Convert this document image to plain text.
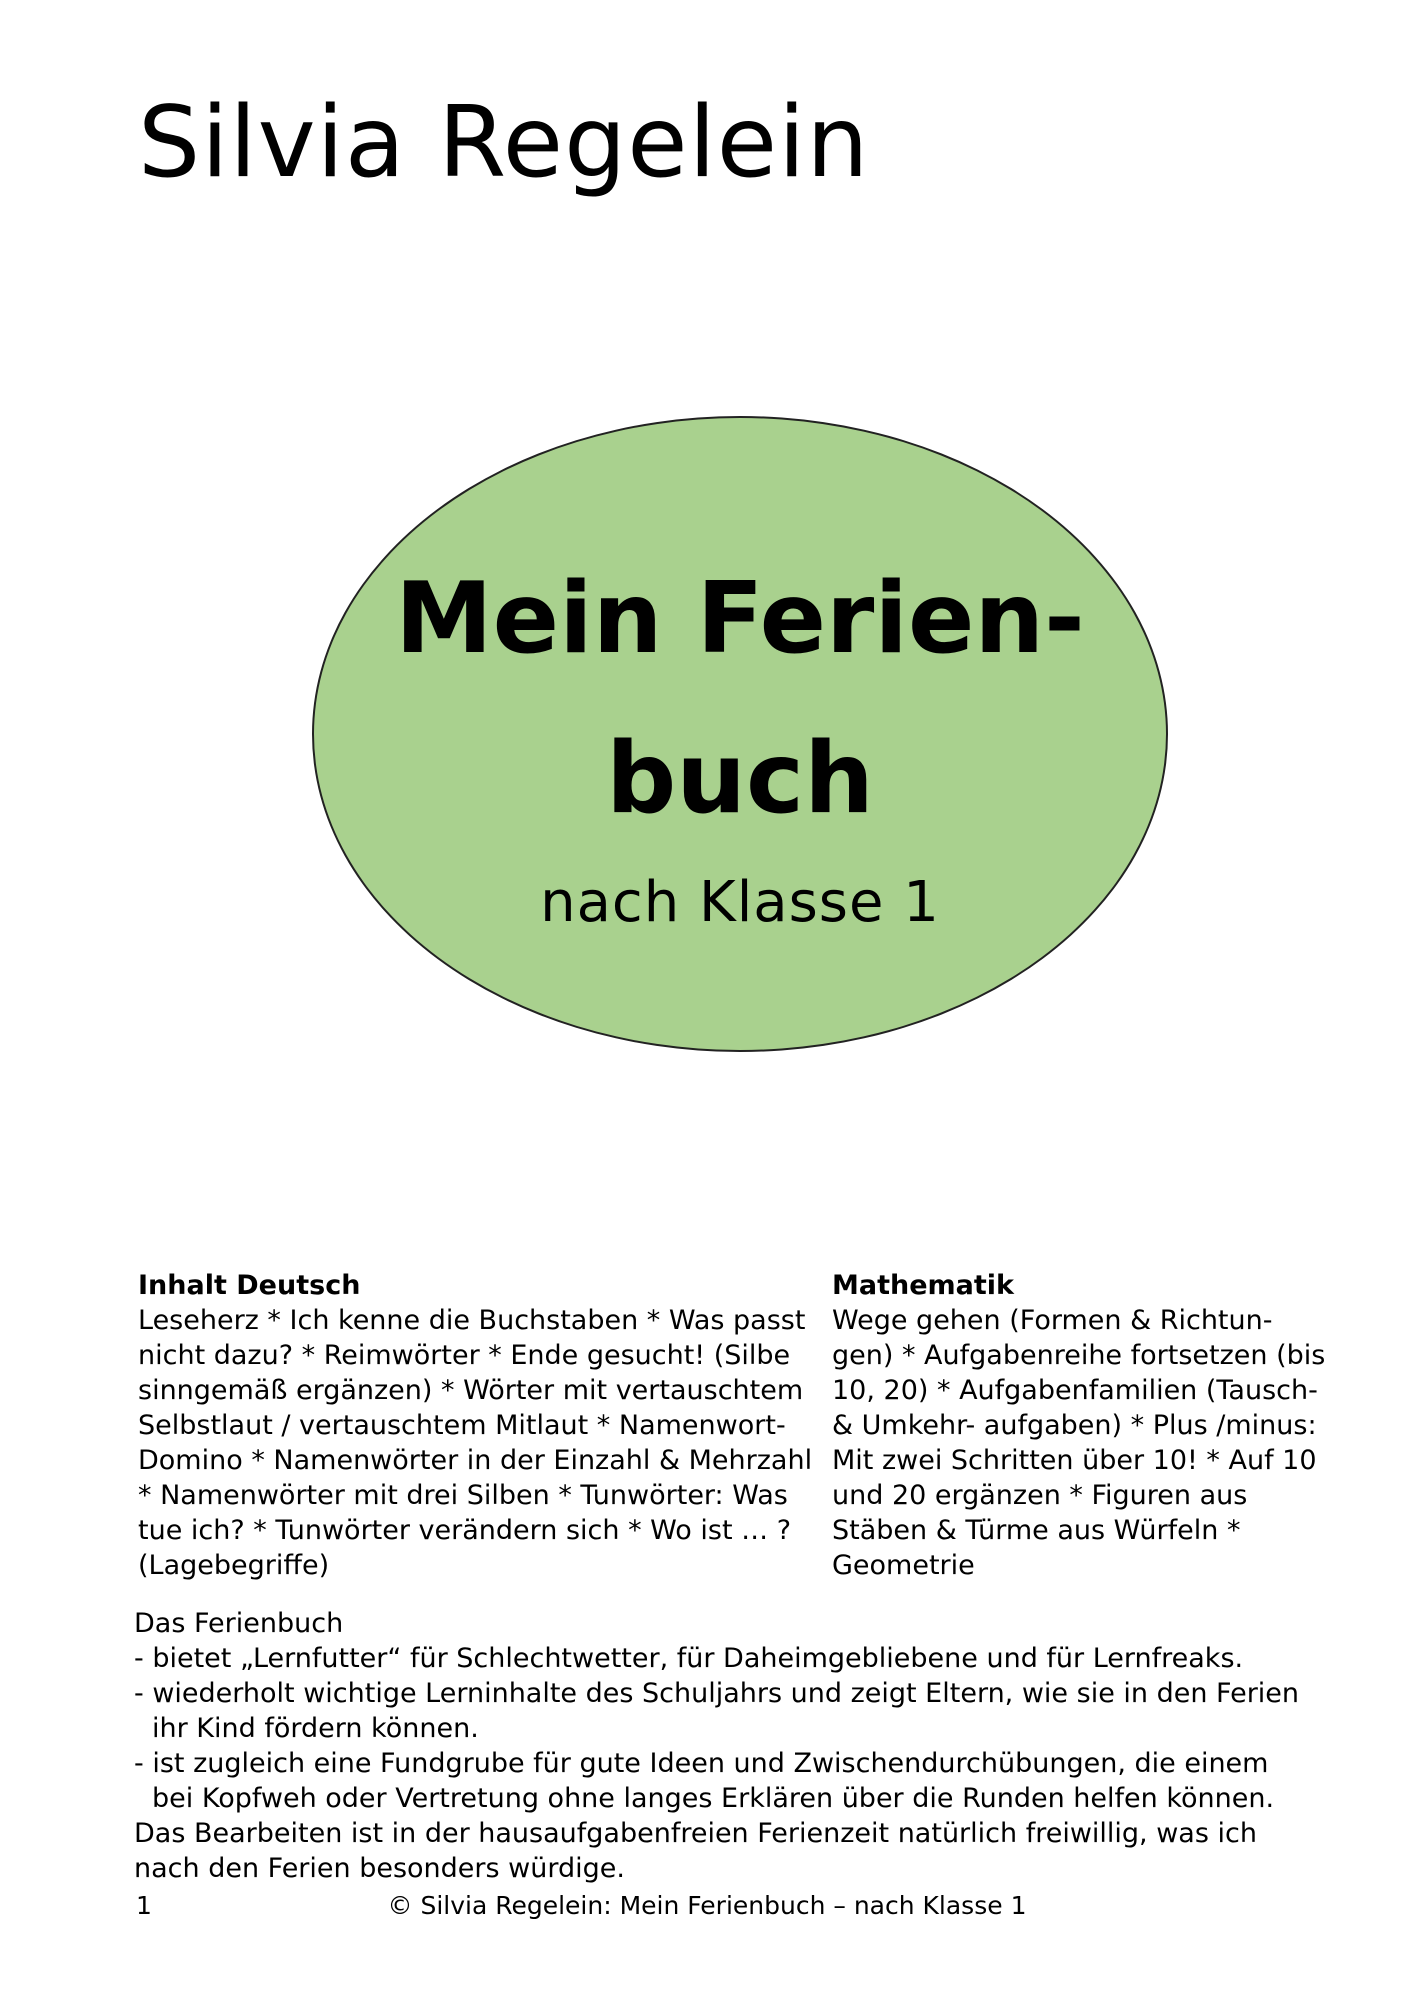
Silvia Regelein
Mein Ferien-
buch
nach Klasse 1
Inhalt Deutsch

Leseherz * Ich kenne die Buchstaben * Was passt

nicht dazu? * Reimwörter * Ende gesucht! (Silbe

sinngemäß ergänzen) * Wörter mit vertauschtem

Selbstlaut / vertauschtem Mitlaut * Namenwort-

Domino * Namenwörter in der Einzahl & Mehrzahl

* Namenwörter mit drei Silben * Tunwörter: Was

tue ich? * Tunwörter verändern sich * Wo ist … ?

(Lagebegriffe)

Mathematik

Wege gehen (Formen & Richtun-

gen) * Aufgabenreihe fortsetzen (bis

10, 20) * Aufgabenfamilien (Tausch-

& Umkehr- aufgaben) * Plus /minus:

Mit zwei Schritten über 10! * Auf 10

und 20 ergänzen * Figuren aus

Stäben & Türme aus Würfeln *

Geometrie

Das Ferienbuch

- bietet „Lernfutter“ für Schlechtwetter, für Daheimgebliebene und für Lernfreaks.

- wiederholt wichtige Lerninhalte des Schuljahrs und zeigt Eltern, wie sie in den Ferien

ihr Kind fördern können.

- ist zugleich eine Fundgrube für gute Ideen und Zwischendurchübungen, die einem

bei Kopfweh oder Vertretung ohne langes Erklären über die Runden helfen können.

Das Bearbeiten ist in der hausaufgabenfreien Ferienzeit natürlich freiwillig, was ich

nach den Ferien besonders würdige.

© Silvia Regelein: Mein Ferienbuch – nach Klasse 1
1
